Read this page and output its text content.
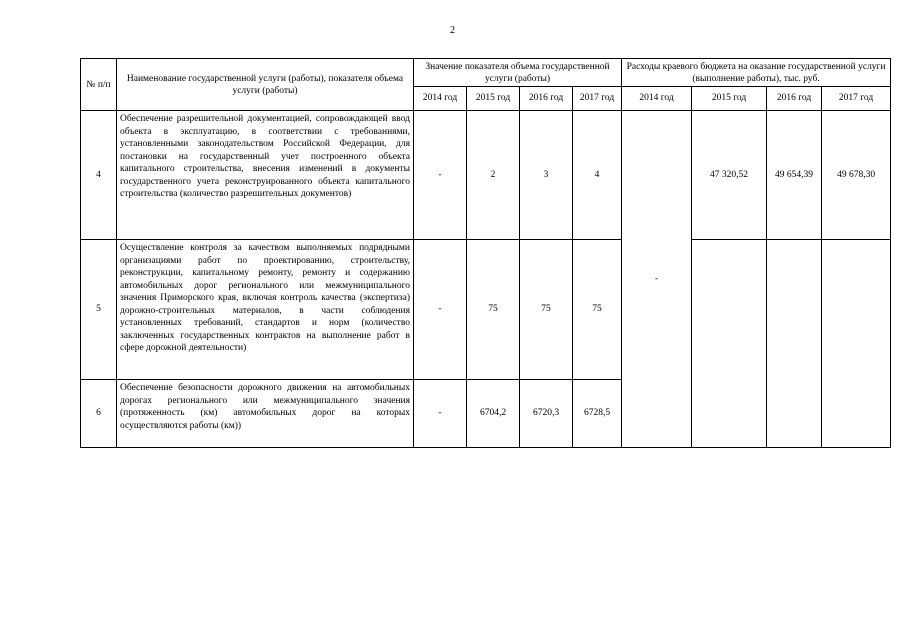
2
№ п/п	Наименование государственной услуги (работы), показателя объема услуги (работы)	Значение показателя объема государственной услуги (работы)				Расходы краевого бюджета на оказание государственной услуги (выполнение работы), тыс. руб.			
		2014 год	2015 год	2016 год	2017 год	2014 год	2015 год	2016 год	2017 год
4	Обеспечение разрешительной документацией, сопровождающей ввод объекта в эксплуатацию, в соответствии с требованиями, установленными законодательством Российской Федерации, для постановки на государственный учет построенного объекта капитального строительства, внесения изменений в документы государственного учета реконструированного объекта капитального строительства (количество разрешительных документов)	-	2	3	4	-	47 320,52	49 654,39	49 678,30
5	Осуществление контроля за качеством выполняемых подрядными организациями работ по проектированию, строительству, реконструкции, капитальному ремонту, ремонту и содержанию автомобильных дорог регионального или межмуниципального значения Приморского края, включая контроль качества (экспертиза) дорожно-строительных материалов, в части соблюдения установленных требований, стандартов и норм (количество заключенных государственных контрактов на выполнение работ в сфере дорожной деятельности)	-	75	75	75				
6	Обеспечение безопасности дорожного движения на автомобильных дорогах регионального или межмуниципального значения (протяженность (км) автомобильных дорог на которых осуществляются работы (км))	-	6704,2	6720,3	6728,5				
